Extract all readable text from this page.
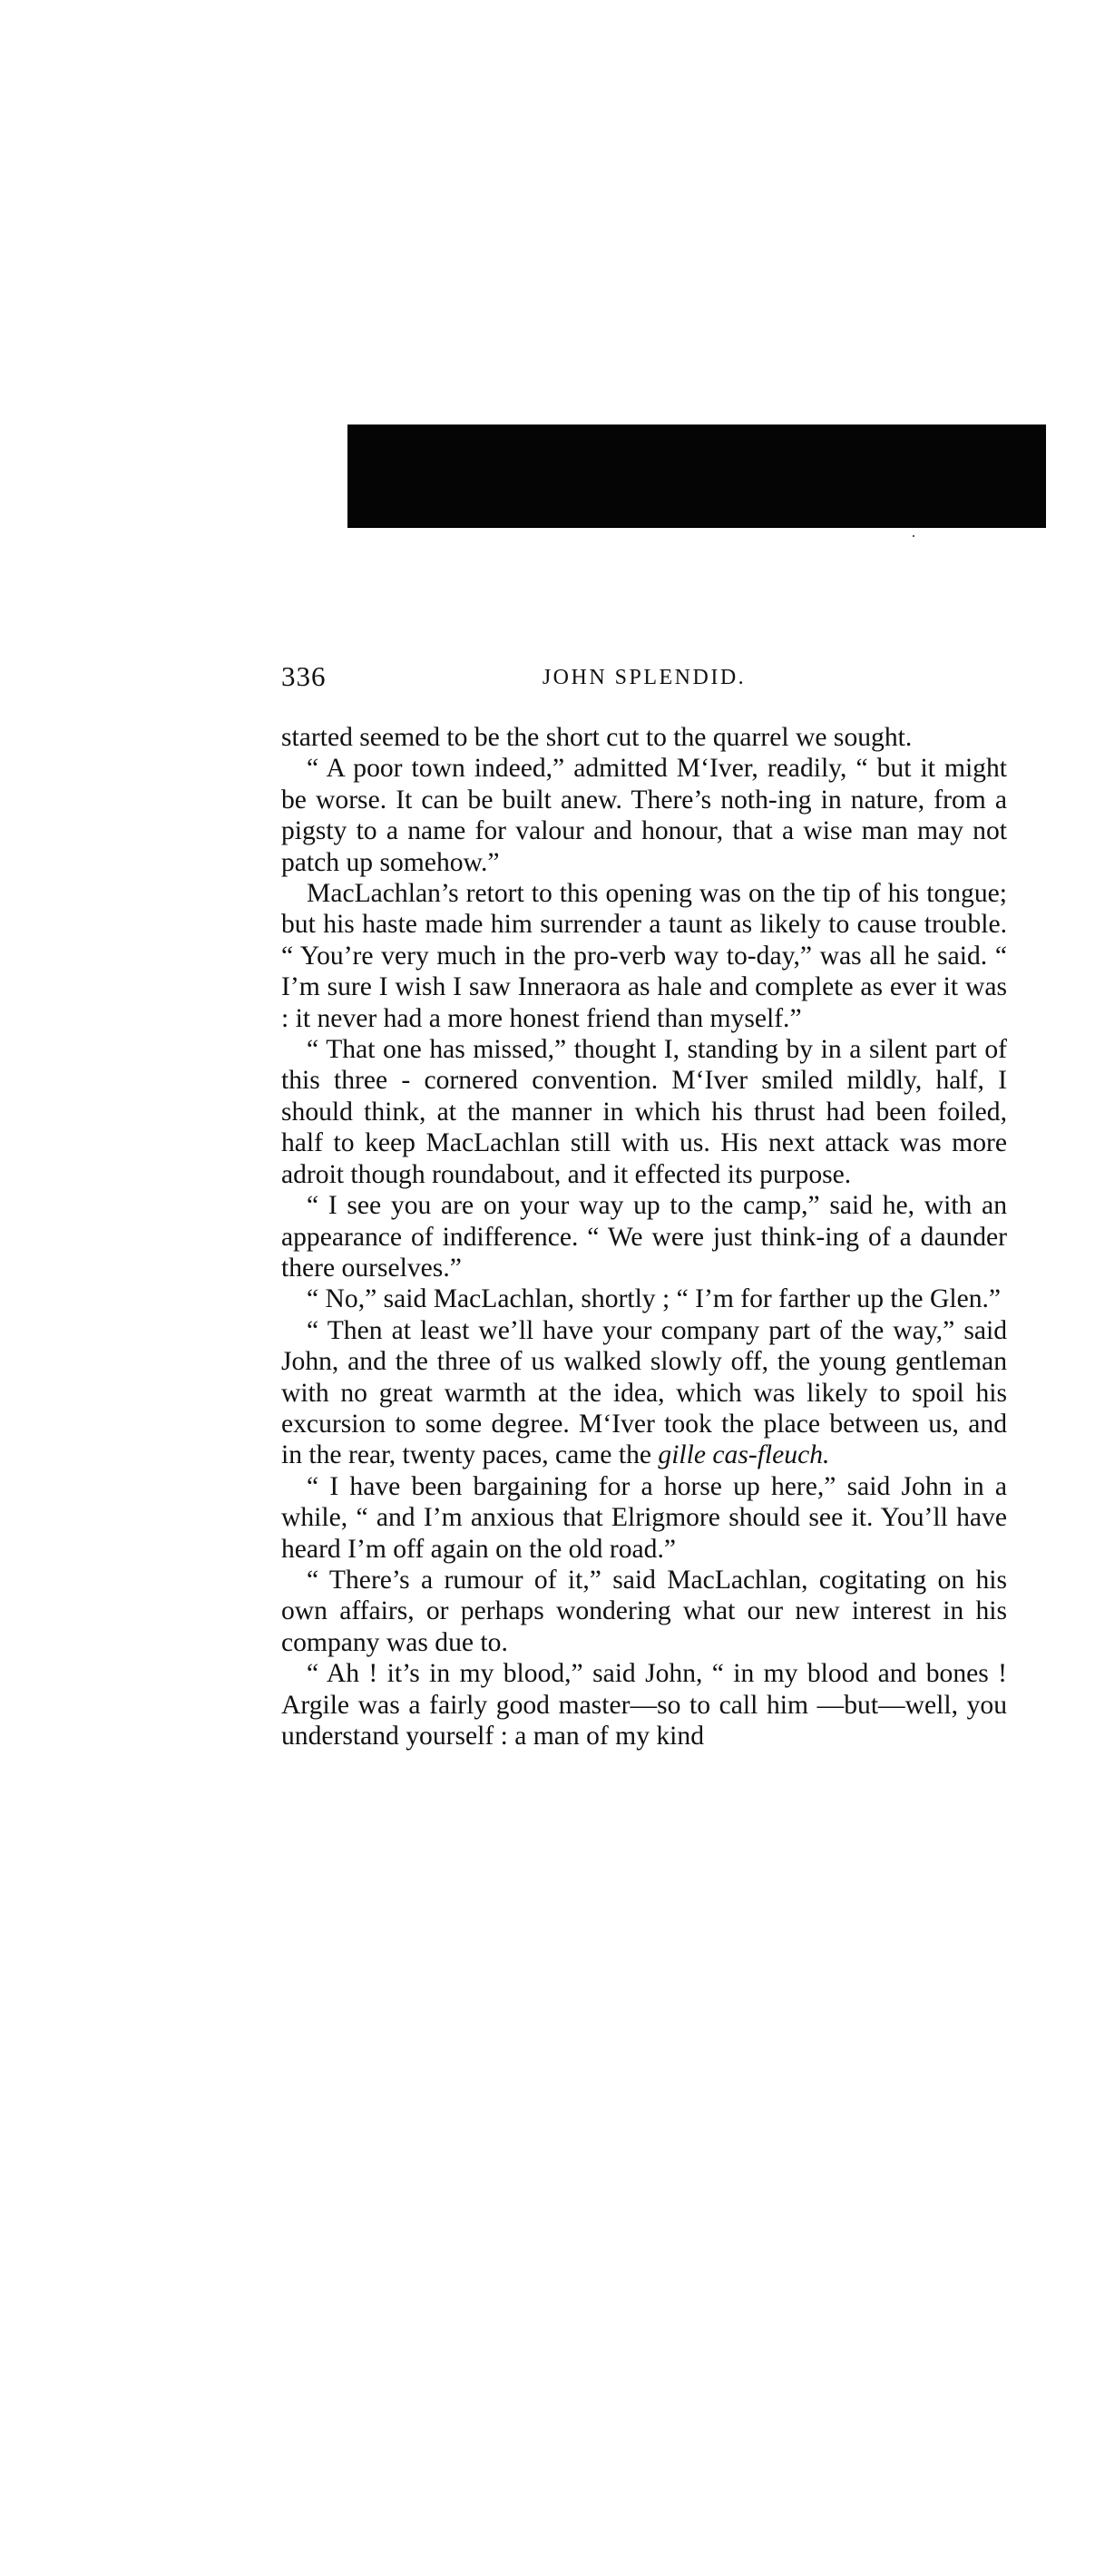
336	JOHN SPLENDID.

started seemed to be the short cut to the quarrel we sought.

“ A poor town indeed,” admitted M‘Iver, readily, “ but it might be worse. It can be built anew. There’s noth-ing in nature, from a pigsty to a name for valour and honour, that a wise man may not patch up somehow.”

MacLachlan’s retort to this opening was on the tip of his tongue; but his haste made him surrender a taunt as likely to cause trouble. “ You’re very much in the pro-verb way to-day,” was all he said. “ I’m sure I wish I saw Inneraora as hale and complete as ever it was : it never had a more honest friend than myself.”

“ That one has missed,” thought I, standing by in a silent part of this three - cornered convention. M‘Iver smiled mildly, half, I should think, at the manner in which his thrust had been foiled, half to keep MacLachlan still with us. His next attack was more adroit though roundabout, and it effected its purpose.

“ I see you are on your way up to the camp,” said he, with an appearance of indifference. “ We were just think-ing of a daunder there ourselves.”

“ No,” said MacLachlan, shortly ; “ I’m for farther up the Glen.”

“ Then at least we’ll have your company part of the way,” said John, and the three of us walked slowly off, the young gentleman with no great warmth at the idea, which was likely to spoil his excursion to some degree. M‘Iver took the place between us, and in the rear, twenty paces, came the gille cas-fleuch.

“ I have been bargaining for a horse up here,” said John in a while, “ and I’m anxious that Elrigmore should see it. You’ll have heard I’m off again on the old road.”

“ There’s a rumour of it,” said MacLachlan, cogitating on his own affairs, or perhaps wondering what our new interest in his company was due to.

“ Ah ! it’s in my blood,” said John, “ in my blood and bones ! Argile was a fairly good master—so to call him —but—well, you understand yourself : a man of my kind
